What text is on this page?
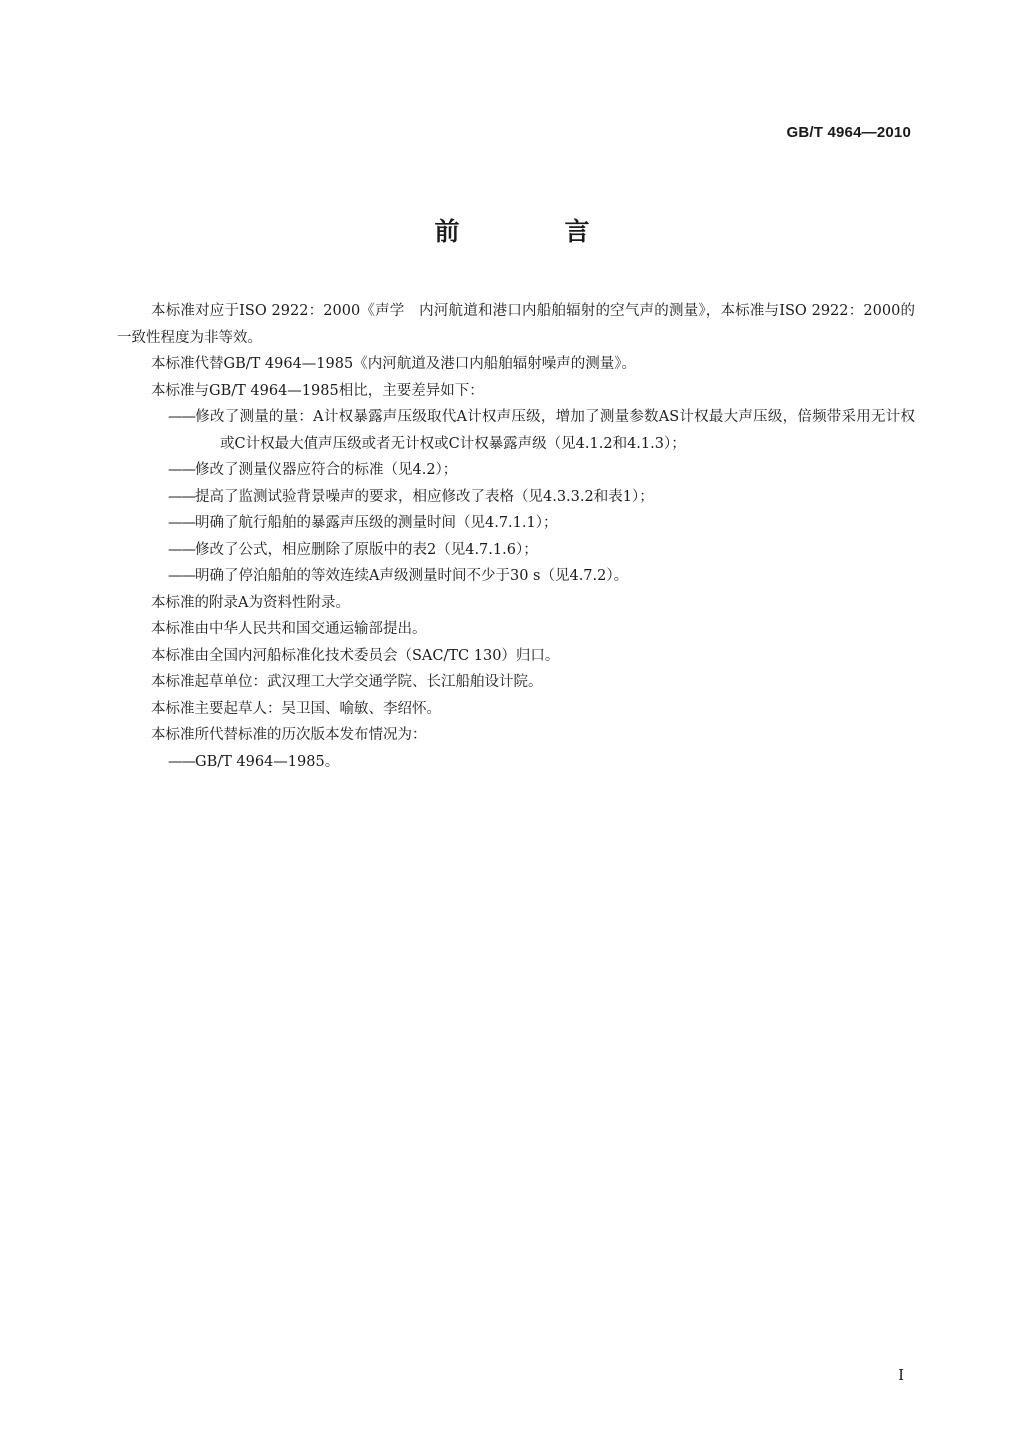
GB/T 4964—2010
前　言

本标准对应于ISO 2922：2000《声学　内河航道和港口内船舶辐射的空气声的测量》，本标准与ISO 2922：2000的一致性程度为非等效。

本标准代替GB/T 4964—1985《内河航道及港口内船舶辐射噪声的测量》。

本标准与GB/T 4964—1985相比，主要差异如下：

——修改了测量的量：A计权暴露声压级取代A计权声压级，增加了测量参数AS计权最大声压级，倍频带采用无计权或C计权最大值声压级或者无计权或C计权暴露声级（见4.1.2和4.1.3）；

——修改了测量仪器应符合的标准（见4.2）；

——提高了监测试验背景噪声的要求，相应修改了表格（见4.3.3.2和表1）；

——明确了航行船舶的暴露声压级的测量时间（见4.7.1.1）；

——修改了公式，相应删除了原版中的表2（见4.7.1.6）；

——明确了停泊船舶的等效连续A声级测量时间不少于30 s（见4.7.2）。

本标准的附录A为资料性附录。

本标准由中华人民共和国交通运输部提出。

本标准由全国内河船标准化技术委员会（SAC/TC 130）归口。

本标准起草单位：武汉理工大学交通学院、长江船舶设计院。

本标准主要起草人：吴卫国、喻敏、李绍怀。

本标准所代替标准的历次版本发布情况为：

——GB/T 4964—1985。

I
